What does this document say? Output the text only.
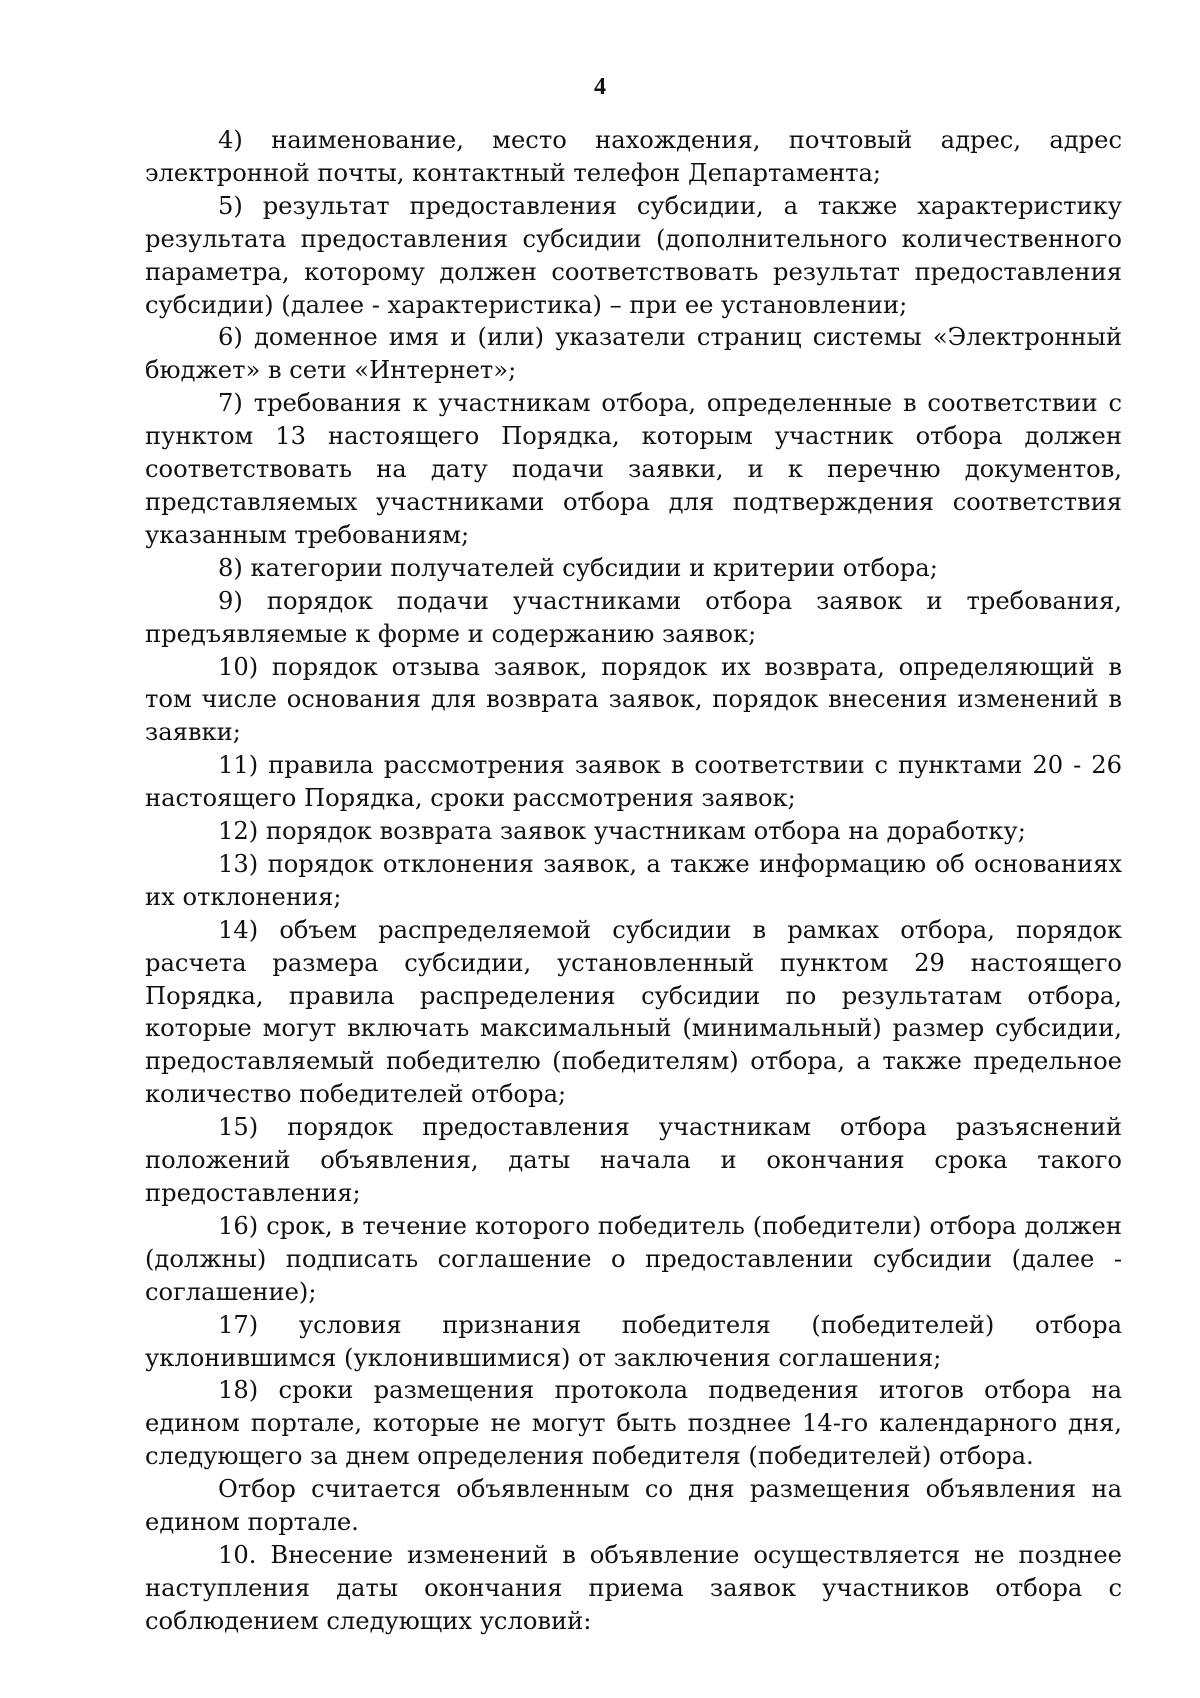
4

4) наименование, место нахождения, почтовый адрес, адрес электронной почты, контактный телефон Департамента;

5) результат предоставления субсидии, а также характеристику результата предоставления субсидии (дополнительного количественного параметра, которому должен соответствовать результат предоставления субсидии) (далее - характеристика) – при ее установлении;

6) доменное имя и (или) указатели страниц системы «Электронный бюджет» в сети «Интернет»;

7) требования к участникам отбора, определенные в соответствии с пунктом 13 настоящего Порядка, которым участник отбора должен соответствовать на дату подачи заявки, и к перечню документов, представляемых участниками отбора для подтверждения соответствия указанным требованиям;

8) категории получателей субсидии и критерии отбора;

9) порядок подачи участниками отбора заявок и требования, предъявляемые к форме и содержанию заявок;

10) порядок отзыва заявок, порядок их возврата, определяющий в том числе основания для возврата заявок, порядок внесения изменений в заявки;

11) правила рассмотрения заявок в соответствии с пунктами 20 - 26 настоящего Порядка, сроки рассмотрения заявок;

12) порядок возврата заявок участникам отбора на доработку;

13) порядок отклонения заявок, а также информацию об основаниях их отклонения;

14) объем распределяемой субсидии в рамках отбора, порядок расчета размера субсидии, установленный пунктом 29 настоящего Порядка, правила распределения субсидии по результатам отбора, которые могут включать максимальный (минимальный) размер субсидии, предоставляемый победителю (победителям) отбора, а также предельное количество победителей отбора;

15) порядок предоставления участникам отбора разъяснений положений объявления, даты начала и окончания срока такого предоставления;

16) срок, в течение которого победитель (победители) отбора должен (должны) подписать соглашение о предоставлении субсидии (далее - соглашение);

17) условия признания победителя (победителей) отбора уклонившимся (уклонившимися) от заключения соглашения;

18) сроки размещения протокола подведения итогов отбора на едином портале, которые не могут быть позднее 14-го календарного дня, следующего за днем определения победителя (победителей) отбора.

Отбор считается объявленным со дня размещения объявления на едином портале.

10. Внесение изменений в объявление осуществляется не позднее наступления даты окончания приема заявок участников отбора с соблюдением следующих условий:
